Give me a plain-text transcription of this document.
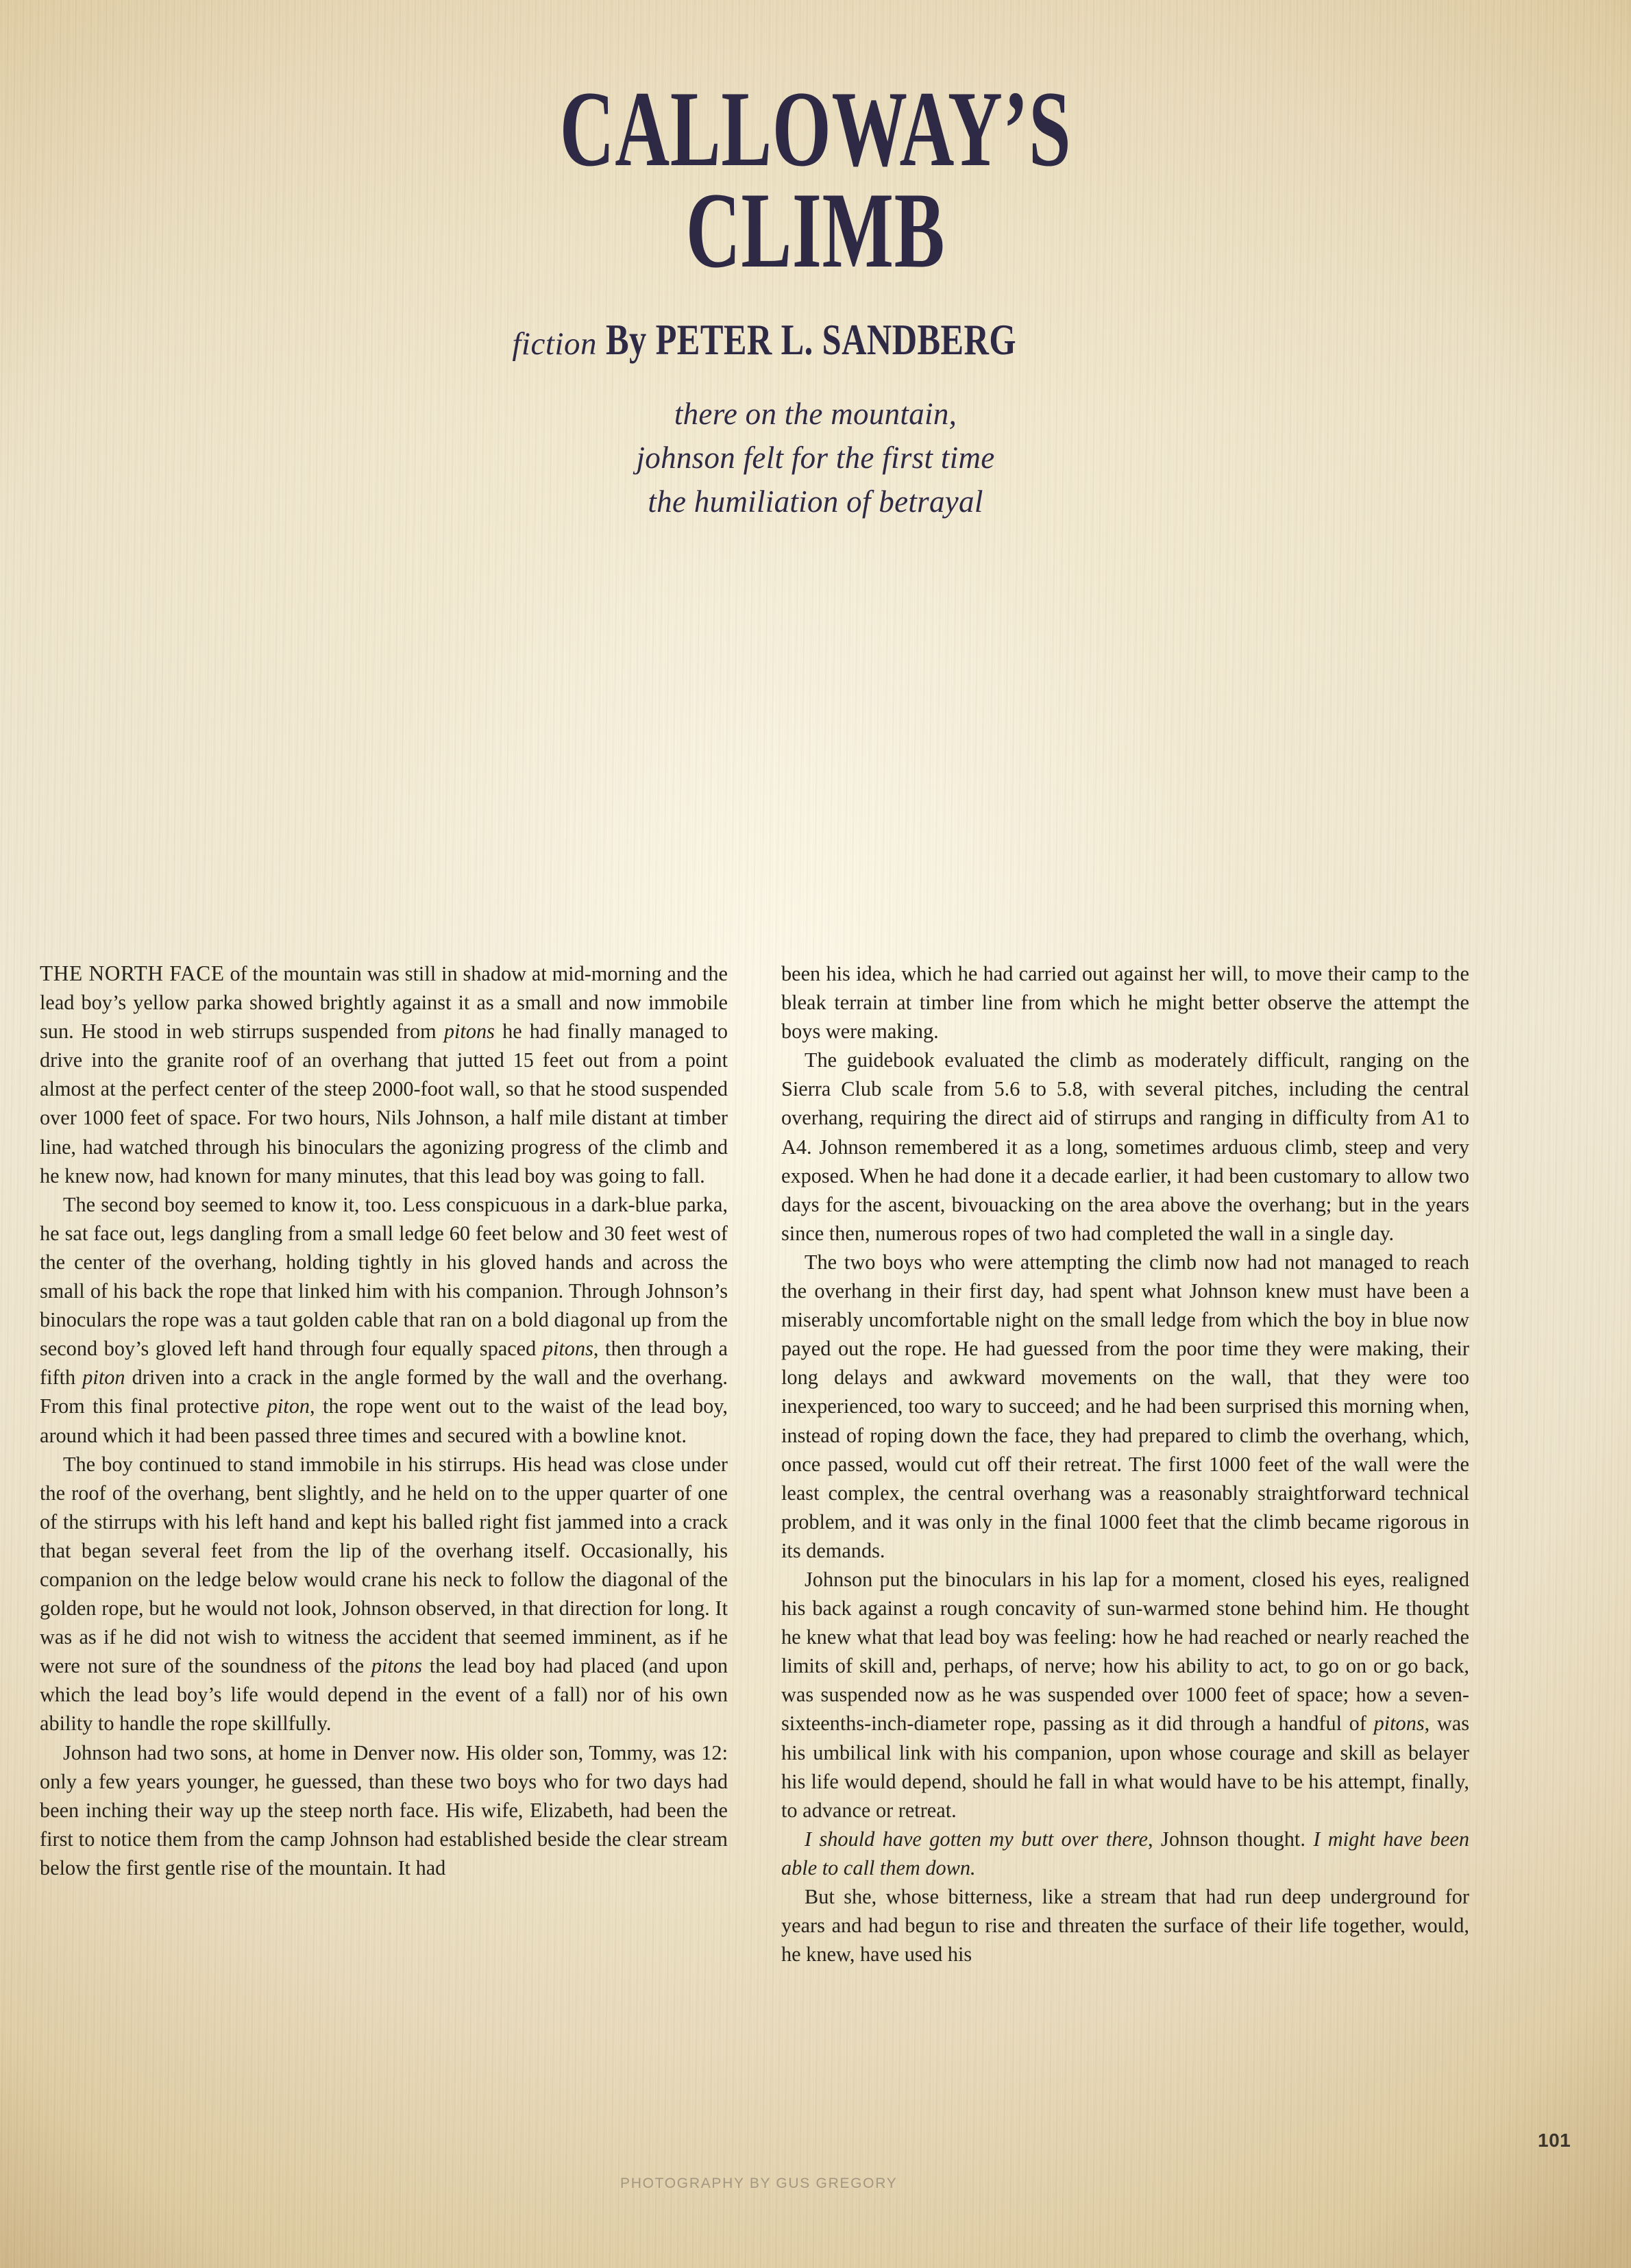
CALLOWAY’S
CLIMB
fiction By PETER L. SANDBERG
there on the mountain,
johnson felt for the first time
the humiliation of betrayal

THE NORTH FACE of the mountain was still in shadow at mid-morning and the lead boy’s yellow parka showed brightly against it as a small and now immobile sun. He stood in web stirrups suspended from pitons he had finally managed to drive into the granite roof of an overhang that jutted 15 feet out from a point almost at the perfect center of the steep 2000-foot wall, so that he stood suspended over 1000 feet of space. For two hours, Nils Johnson, a half mile distant at timber line, had watched through his binoculars the agonizing progress of the climb and he knew now, had known for many minutes, that this lead boy was going to fall.

The second boy seemed to know it, too. Less conspicuous in a dark-blue parka, he sat face out, legs dangling from a small ledge 60 feet below and 30 feet west of the center of the overhang, holding tightly in his gloved hands and across the small of his back the rope that linked him with his companion. Through Johnson’s binoculars the rope was a taut golden cable that ran on a bold diagonal up from the second boy’s gloved left hand through four equally spaced pitons, then through a fifth piton driven into a crack in the angle formed by the wall and the overhang. From this final protective piton, the rope went out to the waist of the lead boy, around which it had been passed three times and secured with a bowline knot.

The boy continued to stand immobile in his stirrups. His head was close under the roof of the overhang, bent slightly, and he held on to the upper quarter of one of the stirrups with his left hand and kept his balled right fist jammed into a crack that began several feet from the lip of the overhang itself. Occasionally, his companion on the ledge below would crane his neck to follow the diagonal of the golden rope, but he would not look, Johnson observed, in that direction for long. It was as if he did not wish to witness the accident that seemed imminent, as if he were not sure of the soundness of the pitons the lead boy had placed (and upon which the lead boy’s life would depend in the event of a fall) nor of his own ability to handle the rope skillfully.

Johnson had two sons, at home in Denver now. His older son, Tommy, was 12: only a few years younger, he guessed, than these two boys who for two days had been inching their way up the steep north face. His wife, Elizabeth, had been the first to notice them from the camp Johnson had established beside the clear stream below the first gentle rise of the mountain. It had

been his idea, which he had carried out against her will, to move their camp to the bleak terrain at timber line from which he might better observe the attempt the boys were making.

The guidebook evaluated the climb as moderately difficult, ranging on the Sierra Club scale from 5.6 to 5.8, with several pitches, including the central overhang, requiring the direct aid of stirrups and ranging in difficulty from A1 to A4. Johnson remembered it as a long, sometimes arduous climb, steep and very exposed. When he had done it a decade earlier, it had been customary to allow two days for the ascent, bivouacking on the area above the overhang; but in the years since then, numerous ropes of two had completed the wall in a single day.

The two boys who were attempting the climb now had not managed to reach the overhang in their first day, had spent what Johnson knew must have been a miserably uncomfortable night on the small ledge from which the boy in blue now payed out the rope. He had guessed from the poor time they were making, their long delays and awkward movements on the wall, that they were too inexperienced, too wary to succeed; and he had been surprised this morning when, instead of roping down the face, they had prepared to climb the overhang, which, once passed, would cut off their retreat. The first 1000 feet of the wall were the least complex, the central overhang was a reasonably straightforward technical problem, and it was only in the final 1000 feet that the climb became rigorous in its demands.

Johnson put the binoculars in his lap for a moment, closed his eyes, realigned his back against a rough concavity of sun-warmed stone behind him. He thought he knew what that lead boy was feeling: how he had reached or nearly reached the limits of skill and, perhaps, of nerve; how his ability to act, to go on or go back, was suspended now as he was suspended over 1000 feet of space; how a seven-sixteenths-inch-diameter rope, passing as it did through a handful of pitons, was his umbilical link with his companion, upon whose courage and skill as belayer his life would depend, should he fall in what would have to be his attempt, finally, to advance or retreat.

I should have gotten my butt over there, Johnson thought. I might have been able to call them down.

But she, whose bitterness, like a stream that had run deep underground for years and had begun to rise and threaten the surface of their life together, would, he knew, have used his

PHOTOGRAPHY BY GUS GREGORY
101
